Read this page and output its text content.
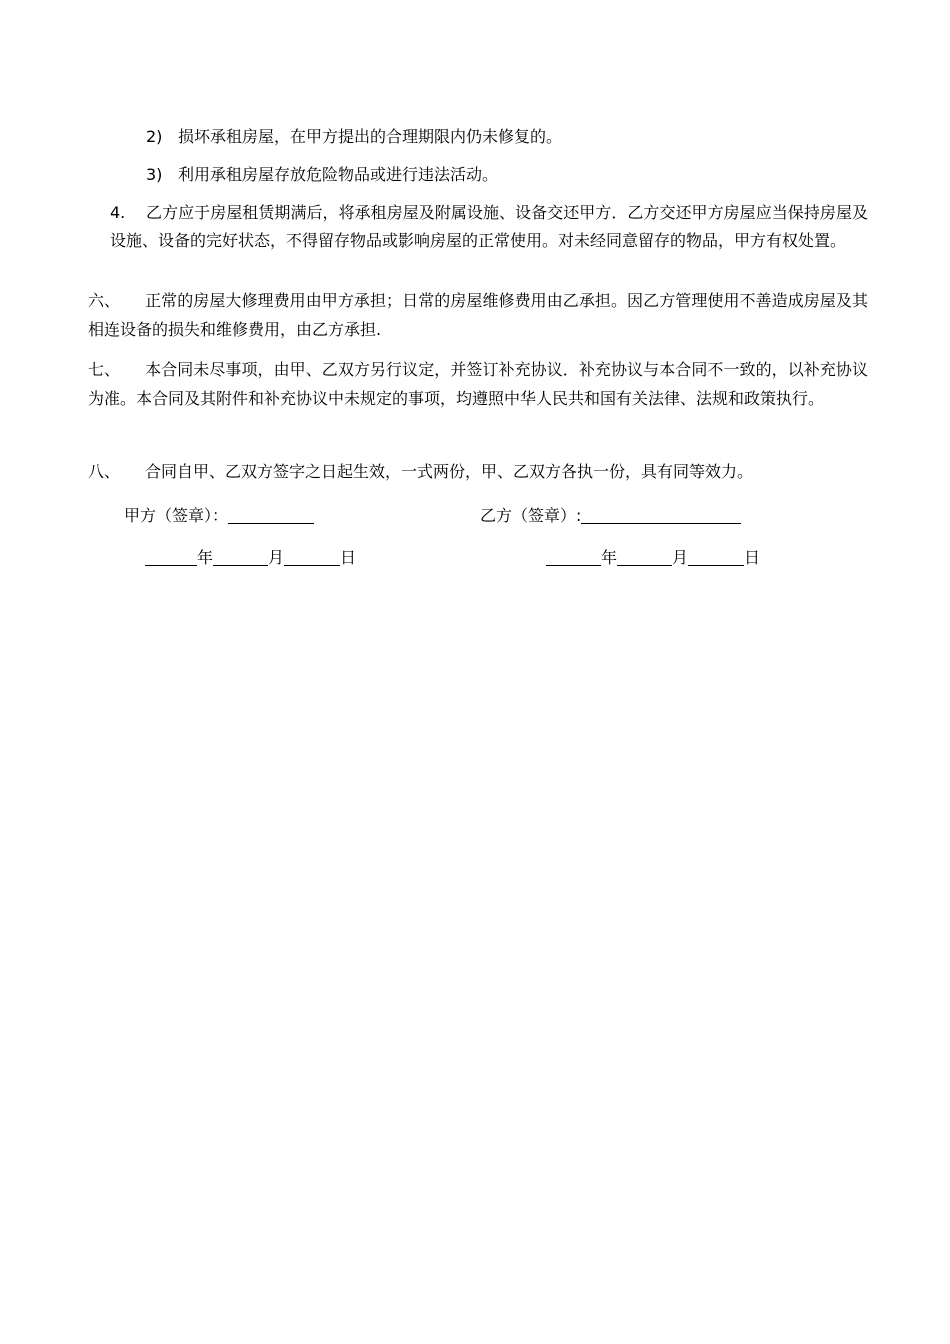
2) 损坏承租房屋，在甲方提出的合理期限内仍未修复的。
3) 利用承租房屋存放危险物品或进行违法活动。
4. 乙方应于房屋租赁期满后，将承租房屋及附属设施、设备交还甲方．乙方交还甲方房屋应当保持房屋及设施、设备的完好状态，不得留存物品或影响房屋的正常使用。对未经同意留存的物品，甲方有权处置。
六、 正常的房屋大修理费用由甲方承担；日常的房屋维修费用由乙承担。因乙方管理使用不善造成房屋及其相连设备的损失和维修费用，由乙方承担.
七、 本合同未尽事项，由甲、乙双方另行议定，并签订补充协议．补充协议与本合同不一致的，以补充协议为准。本合同及其附件和补充协议中未规定的事项，均遵照中华人民共和国有关法律、法规和政策执行。
八、 合同自甲、乙双方签字之日起生效，一式两份，甲、乙双方各执一份，具有同等效力。
甲方（签章）：	乙方（签章）:
年	月	日	年	月	日
